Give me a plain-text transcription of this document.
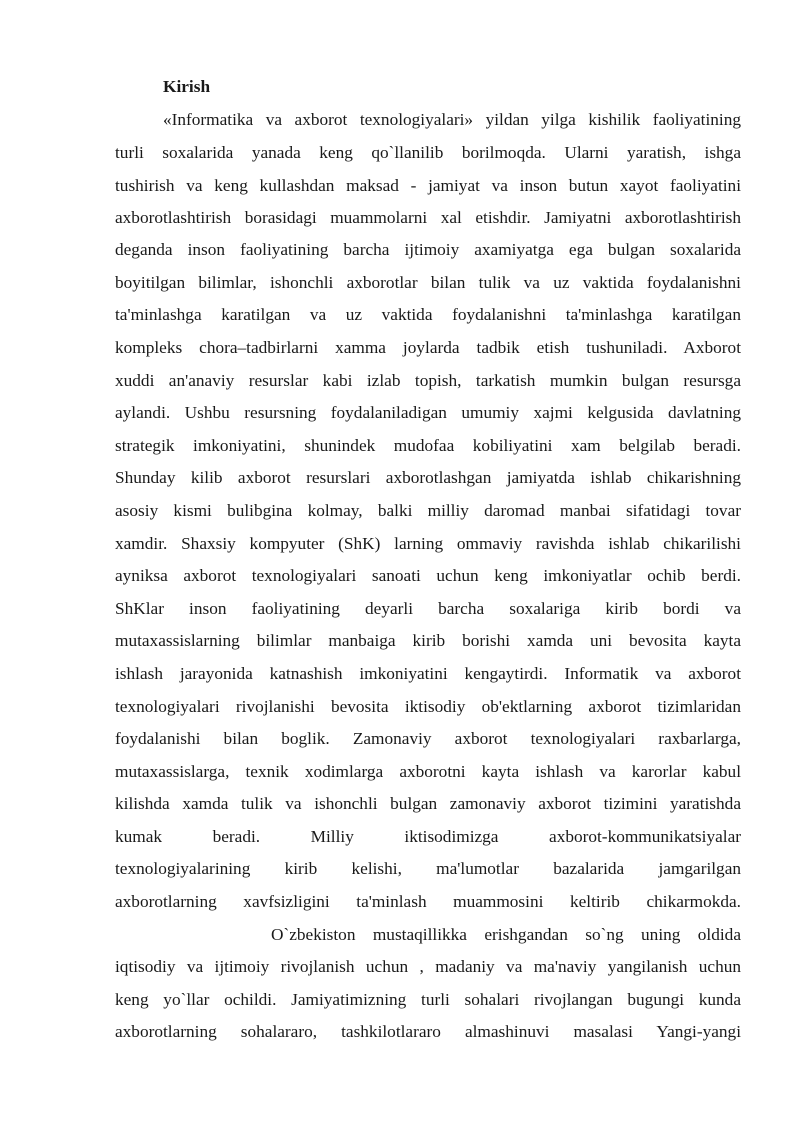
Kirish
«Informatika va axborot texnologiyalari» yildan yilga kishilik faoliyatining
turli soxalarida yanada keng qo`llanilib borilmoqda. Ularni yaratish, ishga
tushirish va keng kullashdan maksad - jamiyat va inson butun xayot faoliyatini
axborotlashtirish borasidagi muammolarni xal etishdir. Jamiyatni axborotlashtirish
deganda inson faoliyatining barcha ijtimoiy axamiyatga ega bulgan soxalarida
boyitilgan bilimlar, ishonchli axborotlar bilan tulik va uz vaktida foydalanishni
ta'minlashga karatilgan va uz vaktida foydalanishni ta'minlashga karatilgan
kompleks chora–tadbirlarni xamma joylarda tadbik etish tushuniladi. Axborot
xuddi an'anaviy resurslar kabi izlab topish, tarkatish mumkin bulgan resursga
aylandi. Ushbu resursning foydalaniladigan umumiy xajmi kelgusida davlatning
strategik imkoniyatini, shunindek mudofaa kobiliyatini xam belgilab beradi.
Shunday kilib axborot resurslari axborotlashgan jamiyatda ishlab chikarishning
asosiy kismi bulibgina kolmay, balki milliy daromad manbai sifatidagi tovar
xamdir. Shaxsiy kompyuter (ShK) larning ommaviy ravishda ishlab chikarilishi
ayniksa axborot texnologiyalari sanoati uchun keng imkoniyatlar ochib berdi.
ShKlar inson faoliyatining deyarli barcha soxalariga kirib bordi va
mutaxassislarning bilimlar manbaiga kirib borishi xamda uni bevosita kayta
ishlash jarayonida katnashish imkoniyatini kengaytirdi. Informatik va axborot
texnologiyalari rivojlanishi bevosita iktisodiy ob'ektlarning axborot tizimlaridan
foydalanishi bilan boglik. Zamonaviy axborot texnologiyalari raxbarlarga,
mutaxassislarga, texnik xodimlarga axborotni kayta ishlash va karorlar kabul
kilishda xamda tulik va ishonchli bulgan zamonaviy axborot tizimini yaratishda
kumak beradi. Milliy iktisodimizga axborot-kommunikatsiyalar
texnologiyalarining kirib kelishi, ma'lumotlar bazalarida jamgarilgan
axborotlarning xavfsizligini ta'minlash muammosini keltirib chikarmokda.
O`zbekiston mustaqillikka erishgandan so`ng uning oldida
iqtisodiy va ijtimoiy rivojlanish uchun , madaniy va ma'naviy yangilanish uchun
keng yo`llar ochildi. Jamiyatimizning turli sohalari rivojlangan bugungi kunda
axborotlarning sohalararo, tashkilotlararo almashinuvi masalasi Yangi-yangi
